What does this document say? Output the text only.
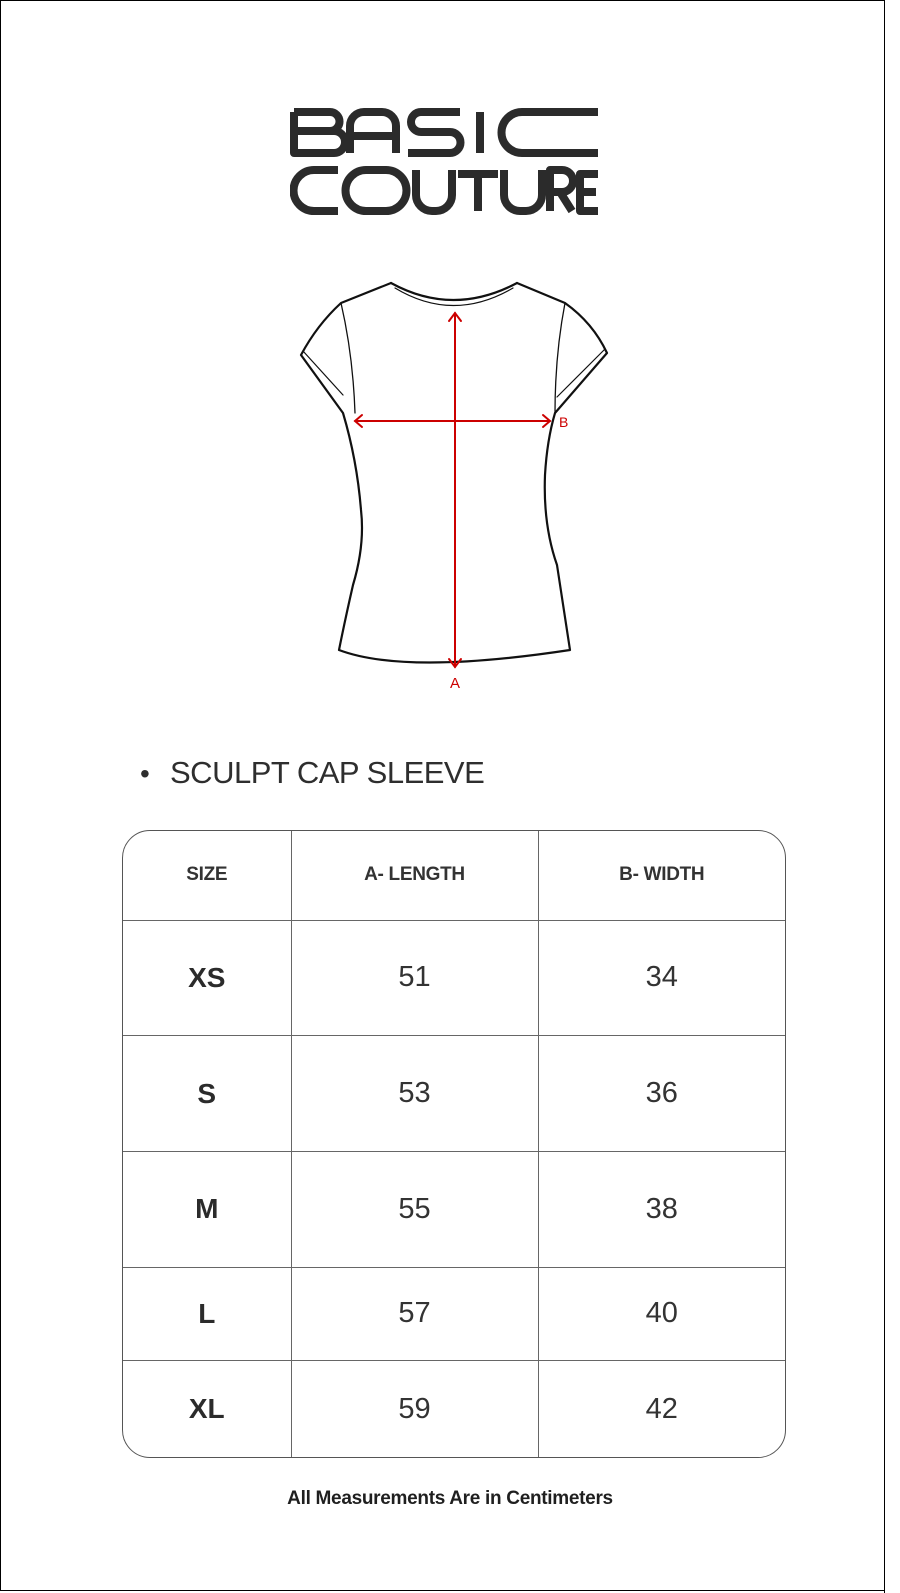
A
B
• SCULPT CAP SLEEVE
SIZE	A- LENGTH	B- WIDTH
XS	51	34
S	53	36
M	55	38
L	57	40
XL	59	42
All Measurements Are in Centimeters
